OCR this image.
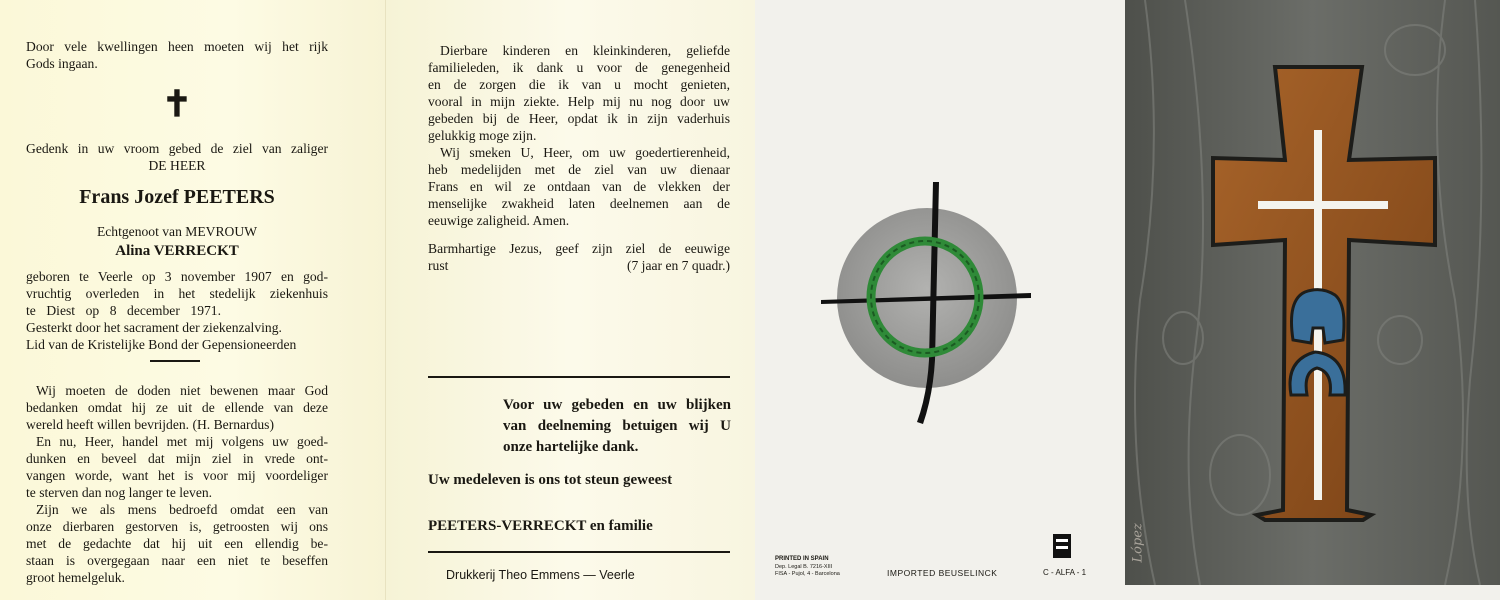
Door vele kwellingen heen moeten wij het rijk
Gods ingaan.
✝
Gedenk in uw vroom gebed de ziel van zaliger
DE HEER
Frans Jozef PEETERS
Echtgenoot van MEVROUW
Alina VERRECKT
geboren te Veerle op 3 november 1907 en god-
vruchtig overleden in het stedelijk ziekenhuis
te Diest op 8 december 1971.
Gesterkt door het sacrament der ziekenzalving.
Lid van de Kristelijke Bond der Gepensioneerden
Wij moeten de doden niet bewenen maar God
bedanken omdat hij ze uit de ellende van deze
wereld heeft willen bevrijden. (H. Bernardus)
En nu, Heer, handel met mij volgens uw goed-
dunken en beveel dat mijn ziel in vrede ont-
vangen worde, want het is voor mij voordeliger
te sterven dan nog langer te leven.
Zijn we als mens bedroefd omdat een van
onze dierbaren gestorven is, getroosten wij ons
met de gedachte dat hij uit een ellendig be-
staan is overgegaan naar een niet te beseffen
groot hemelgeluk.
Dierbare kinderen en kleinkinderen, geliefde
familieleden, ik dank u voor de genegenheid
en de zorgen die ik van u mocht genieten,
vooral in mijn ziekte. Help mij nu nog door uw
gebeden bij de Heer, opdat ik in zijn vaderhuis
gelukkig moge zijn.
Wij smeken U, Heer, om uw goedertierenheid,
heb medelijden met de ziel van uw dienaar
Frans en wil ze ontdaan van de vlekken der
menselijke zwakheid laten deelnemen aan de
eeuwige zaligheid. Amen.
Barmhartige Jezus, geef zijn ziel de eeuwige
rust	(7 jaar en 7 quadr.)
Voor uw gebeden en uw blijken
van deelneming betuigen wij U
onze hartelijke dank.
Uw medeleven is ons tot steun geweest
PEETERS-VERRECKT en familie
Drukkerij Theo Emmens — Veerle
PRINTED IN SPAIN
Dep. Legal B. 7216-XIII
FISA - Pujol, 4 - Barcelona	IMPORTED BEUSELINCK	C - ALFA - 1
López
